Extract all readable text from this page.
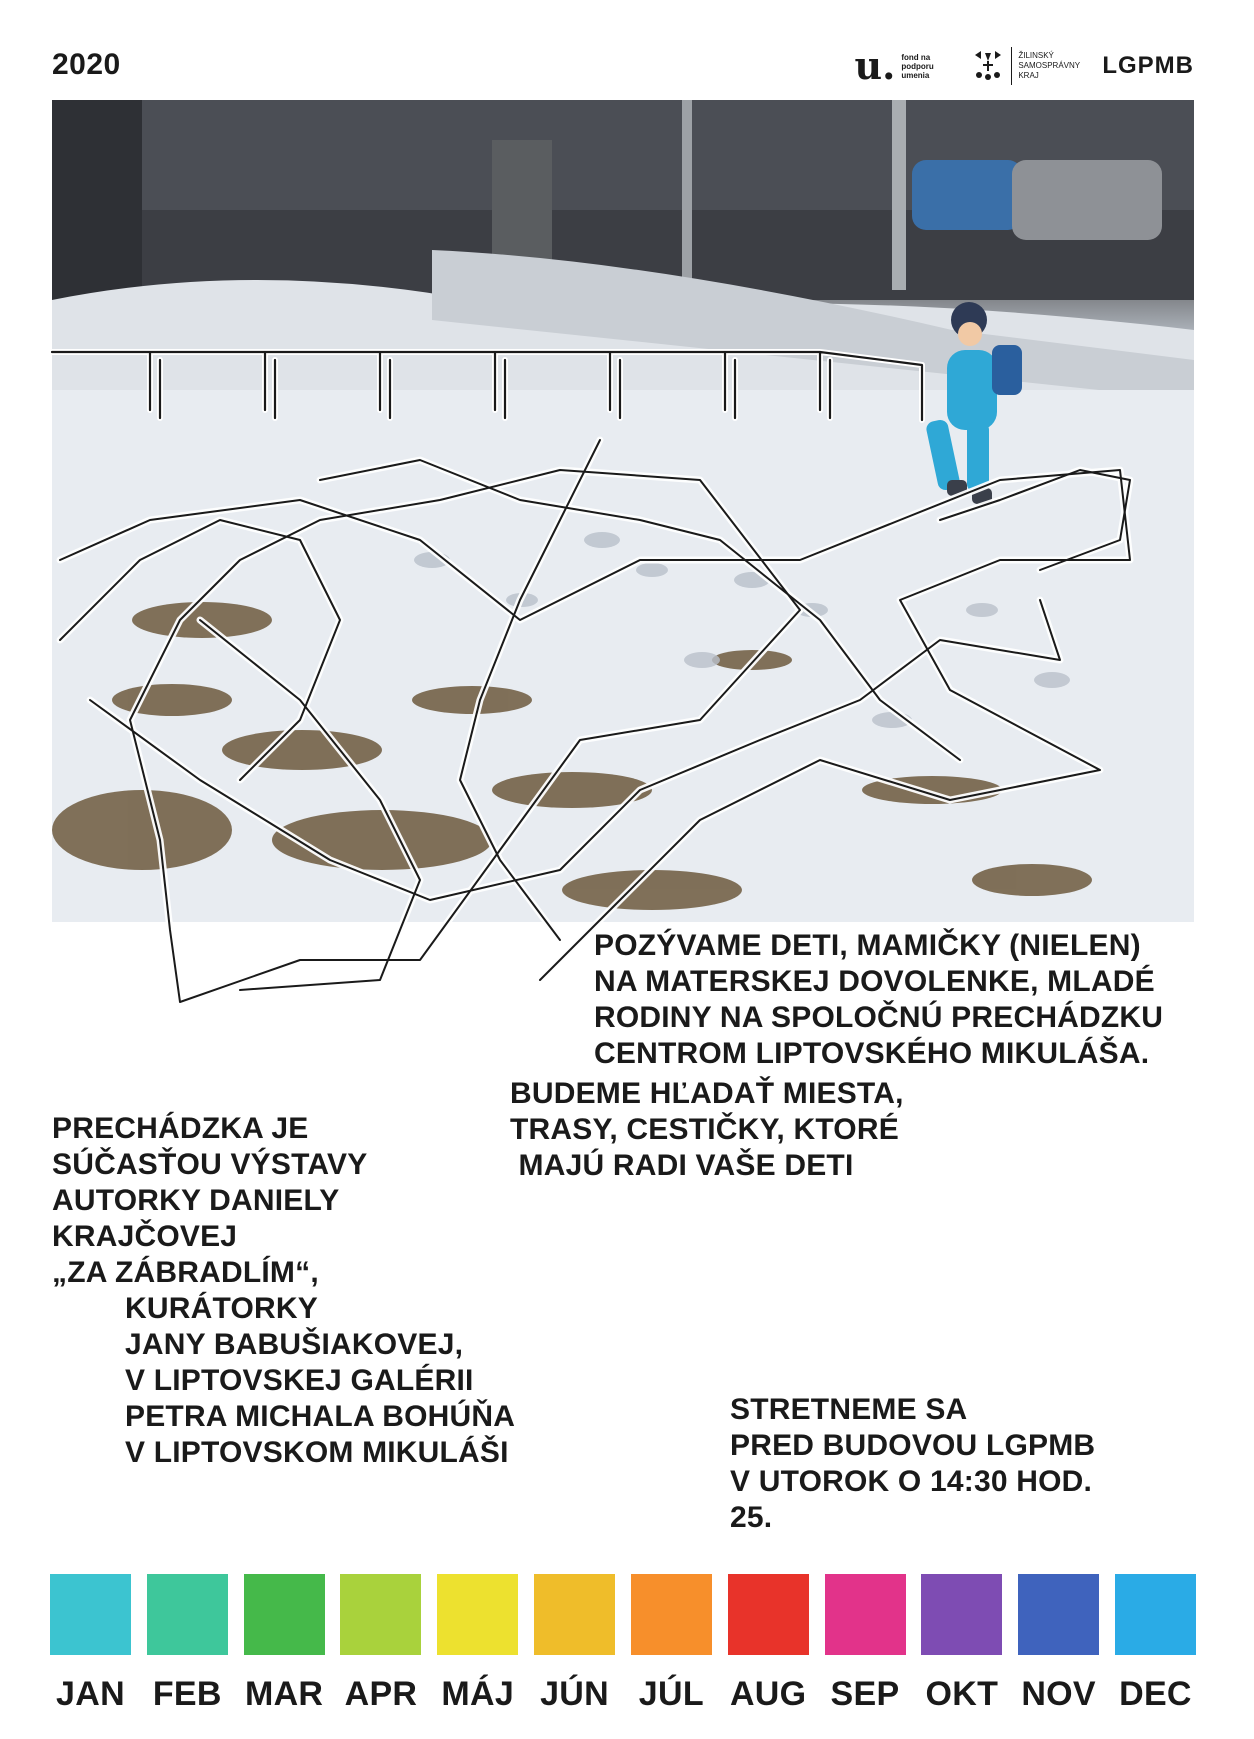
2020	u. fond na podporu umenia
ŽILINSKÝ SAMOSPRÁVNY KRAJ	LGPMB
POZÝVAME DETI, MAMIČKY (NIELEN)
NA MATERSKEJ DOVOLENKE, MLADÉ
RODINY NA SPOLOČNÚ PRECHÁDZKU
CENTROM LIPTOVSKÉHO MIKULÁŠA.
BUDEME HĽADAŤ MIESTA,
TRASY, CESTIČKY, KTORÉ
MAJÚ RADI VAŠE DETI
PRECHÁDZKA JE
SÚČASŤOU VÝSTAVY
AUTORKY DANIELY
KRAJČOVEJ
„ZA ZÁBRADLÍM“,
KURÁTORKY
JANY BABUŠIAKOVEJ,
V LIPTOVSKEJ GALÉRII
PETRA MICHALA BOHÚŇA
V LIPTOVSKOM MIKULÁŠI
STRETNEME SA
PRED BUDOVOU LGPMB
V UTOROK O 14:30 HOD.
25.
JAN FEB MAR APR MÁJ JÚN JÚL AUG SEP OKT NOV DEC
